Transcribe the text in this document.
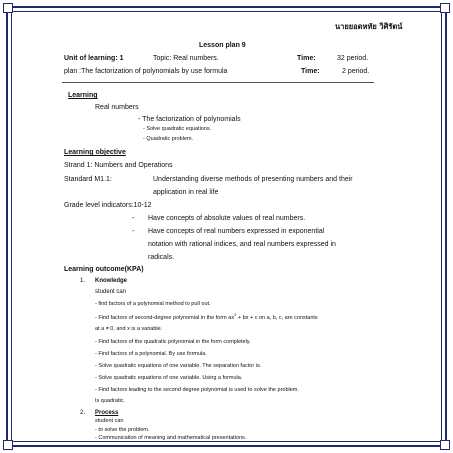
นายยอดหทัย วิศิรัตน์
Lesson plan 9
Unit of learning: 1	Topic: Real numbers.	Time:	32 period.
plan :The factorization of polynomials by use formula	Time:	2 period.
Learning
Real numbers
- The factorization of polynomials
- Solve quadratic equations.
- Quadratic problem.
Learning objective
Strand 1: Numbers and Operations
Standard M1.1:	Understanding diverse methods of presenting numbers and their
application in real life
Grade level indicators:10-12
- Have concepts of absolute values of real numbers.
- Have concepts of real numbers expressed in exponential
notation with rational indices, and real numbers expressed in
radicals.
Learning outcome(KPA)
1. Knowledge
student can
- find factors of a polynomial method to pull out.
- Find factors of second-degree polynomial in the form $ax^2$ + bx + c on a, b, c, are constants
at a ≠ 0, and x is a variable.
- Find factors of the quadratic polynomial in the form completely.
- Find factors of a polynomial. By use formula.
- Solve quadratic equations of one variable. The separation factor is.
- Solve quadratic equations of one variable. Using a formula.
- Find factors leading to the second degree polynomial is used to solve the problem.
Is quadratic.
2. Process
student can
- to solve the problem.
- Communication of meaning and mathematical presentations.
